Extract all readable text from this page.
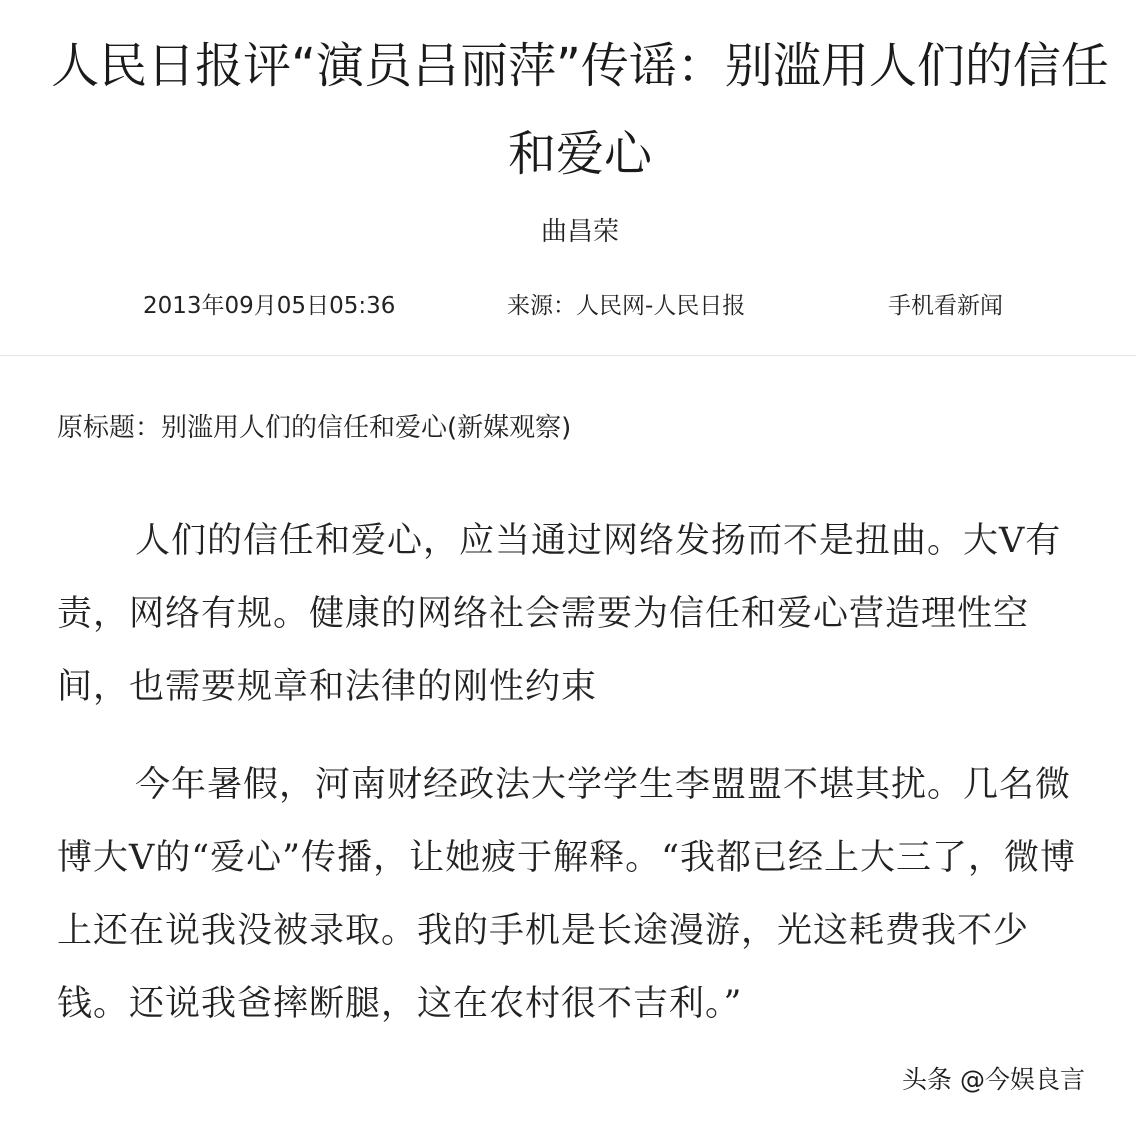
人民日报评“演员吕丽萍”传谣：别滥用人们的信任和爱心
曲昌荣
2013年09月05日05:36	来源：人民网-人民日报	手机看新闻
原标题：别滥用人们的信任和爱心(新媒观察)

人们的信任和爱心，应当通过网络发扬而不是扭曲。大V有责，网络有规。健康的网络社会需要为信任和爱心营造理性空间，也需要规章和法律的刚性约束

今年暑假，河南财经政法大学学生李盟盟不堪其扰。几名微博大V的“爱心”传播，让她疲于解释。“我都已经上大三了，微博上还在说我没被录取。我的手机是长途漫游，光这耗费我不少钱。还说我爸摔断腿，这在农村很不吉利。”

头条 @今娱良言
